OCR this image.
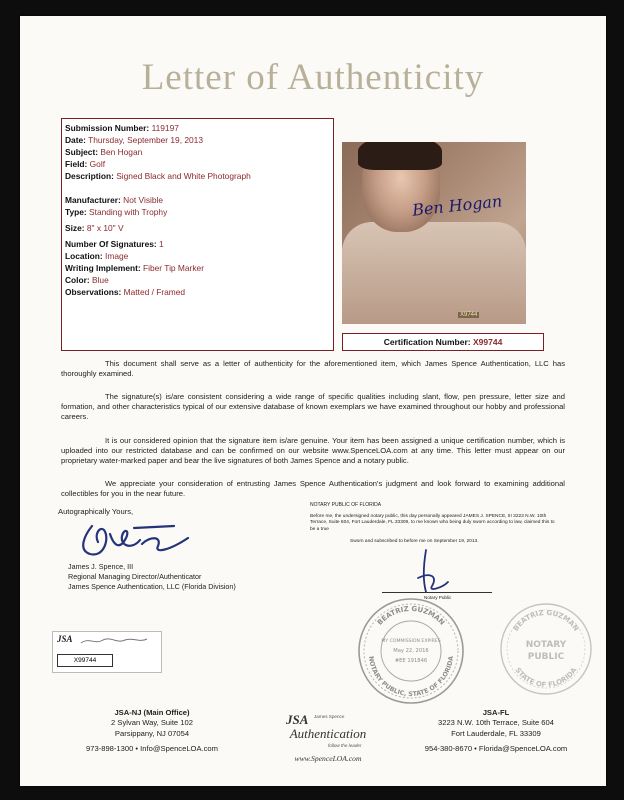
Letter of Authenticity
Submission Number: 119197
Date: Thursday, September 19, 2013
Subject: Ben Hogan
Field: Golf
Description: Signed Black and White Photograph
Manufacturer: Not Visible
Type: Standing with Trophy
Size: 8" x 10" V
Number Of Signatures: 1
Location: Image
Writing Implement: Fiber Tip Marker
Color: Blue
Observations: Matted / Framed
Ben Hogan
X9744
Certification Number: X99744
This document shall serve as a letter of authenticity for the aforementioned item, which James Spence Authentication, LLC has thoroughly examined.
The signature(s) is/are consistent considering a wide range of specific qualities including slant, flow, pen pressure, letter size and formation, and other characteristics typical of our extensive database of known exemplars we have examined throughout our hobby and professional careers.
It is our considered opinion that the signature item is/are genuine. Your item has been assigned a unique certification number, which is uploaded into our restricted database and can be confirmed on our website www.SpenceLOA.com at any time. This letter must appear on our proprietary water-marked paper and bear the live signatures of both James Spence and a notary public.
We appreciate your consideration of entrusting James Spence Authentication's judgment and look forward to examining additional collectibles for you in the near future.
Autographically Yours,
James J. Spence, III
Regional Managing Director/Authenticator
James Spence Authentication, LLC (Florida Division)
NOTARY PUBLIC OF FLORIDA
Before me, the undersigned notary public, this day personally appeared JAMES J. SPENCE, III 3223 N.W. 10th Terrace, Suite 604, Fort Lauderdale, FL 33309, to me known who being duly sworn according to law, claimed this to be a true
Sworn and subscribed to before me on September 19, 2013.
Notary Public
BEATRIZ GUZMAN
NOTARY PUBLIC, STATE OF FLORIDA
MY COMMISSION EXPIRES
May 22, 2016
#EE 191846
BEATRIZ GUZMAN
STATE OF FLORIDA
NOTARY
PUBLIC
JSA
X99744
JSA-NJ (Main Office)
2 Sylvan Way, Suite 102
Parsippany, NJ 07054
973-898-1300 • Info@SpenceLOA.com
JSA James Spence
Authentication
follow the leader
www.SpenceLOA.com
JSA-FL
3223 N.W. 10th Terrace, Suite 604
Fort Lauderdale, FL 33309
954-380-8670 • Florida@SpenceLOA.com
